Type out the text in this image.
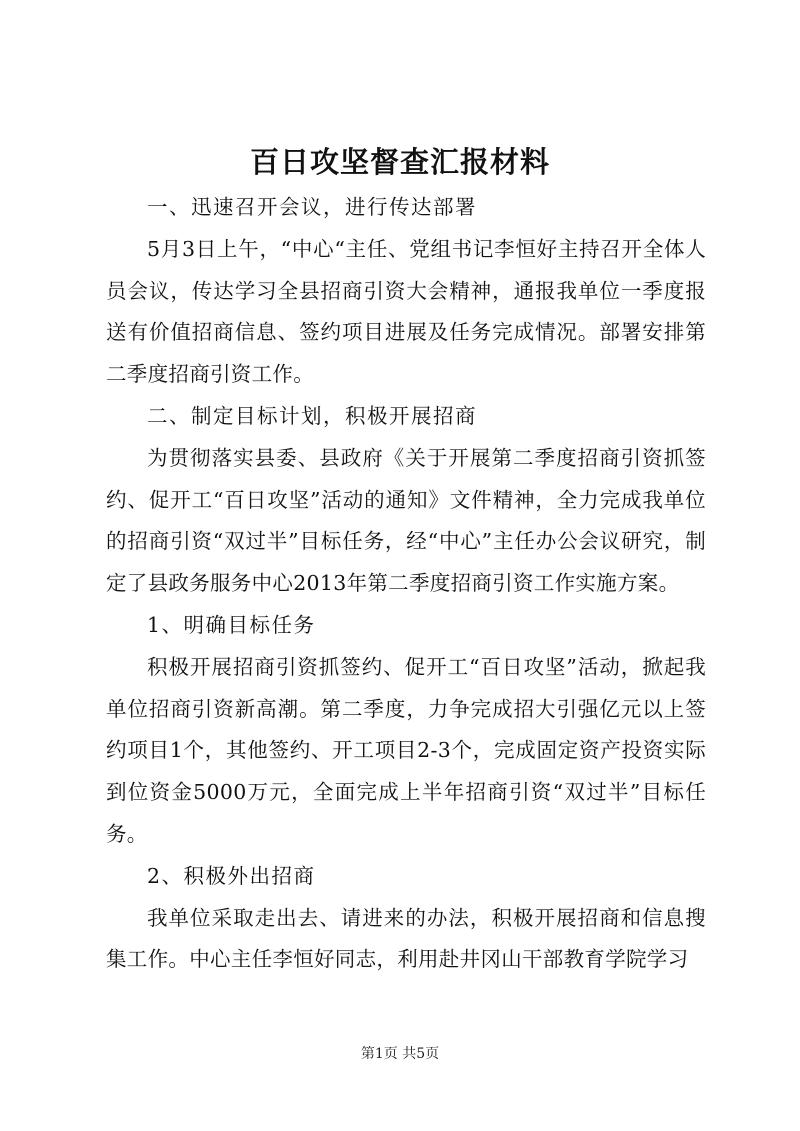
百日攻坚督查汇报材料

一、迅速召开会议，进行传达部署

5月3日上午，“中心“主任、党组书记李恒好主持召开全体人员会议，传达学习全县招商引资大会精神，通报我单位一季度报送有价值招商信息、签约项目进展及任务完成情况。部署安排第二季度招商引资工作。

二、制定目标计划，积极开展招商

为贯彻落实县委、县政府《关于开展第二季度招商引资抓签约、促开工“百日攻坚”活动的通知》文件精神，全力完成我单位的招商引资“双过半”目标任务，经“中心”主任办公会议研究，制定了县政务服务中心2013年第二季度招商引资工作实施方案。

1、明确目标任务

积极开展招商引资抓签约、促开工“百日攻坚”活动，掀起我单位招商引资新高潮。第二季度，力争完成招大引强亿元以上签约项目1个，其他签约、开工项目2-3个，完成固定资产投资实际到位资金5000万元，全面完成上半年招商引资“双过半”目标任务。

2、积极外出招商

我单位采取走出去、请进来的办法，积极开展招商和信息搜集工作。中心主任李恒好同志，利用赴井冈山干部教育学院学习

第1页 共5页
